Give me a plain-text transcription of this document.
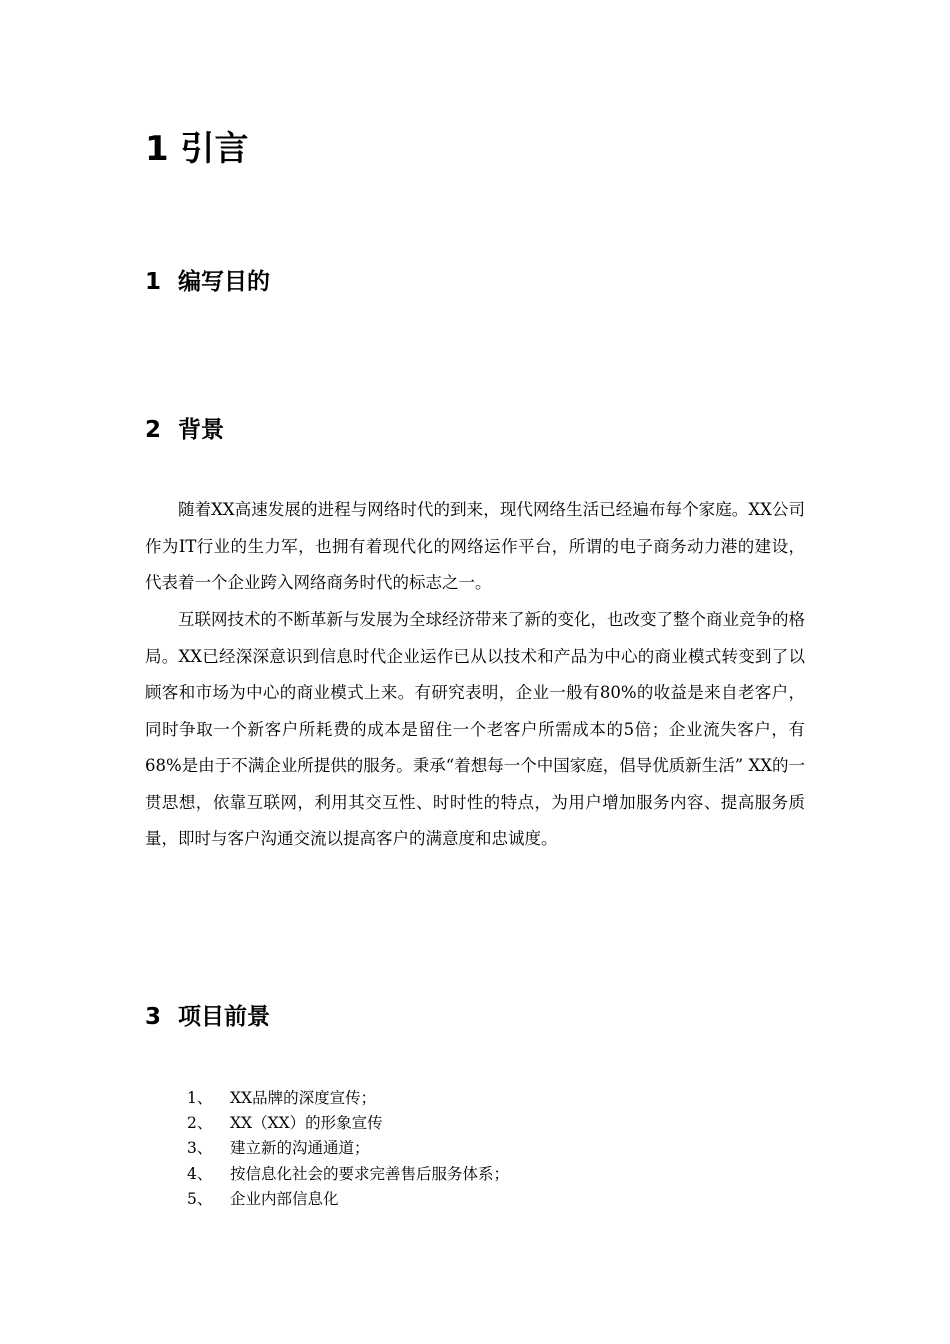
1 引言
1 编写目的
2 背景

随着XX高速发展的进程与网络时代的到来，现代网络生活已经遍布每个家庭。XX公司作为IT行业的生力军，也拥有着现代化的网络运作平台，所谓的电子商务动力港的建设，代表着一个企业跨入网络商务时代的标志之一。

互联网技术的不断革新与发展为全球经济带来了新的变化，也改变了整个商业竞争的格局。XX已经深深意识到信息时代企业运作已从以技术和产品为中心的商业模式转变到了以顾客和市场为中心的商业模式上来。有研究表明，企业一般有80%的收益是来自老客户，同时争取一个新客户所耗费的成本是留住一个老客户所需成本的5倍；企业流失客户，有68%是由于不满企业所提供的服务。秉承“着想每一个中国家庭，倡导优质新生活” XX的一贯思想，依靠互联网，利用其交互性、时时性的特点，为用户增加服务内容、提高服务质量，即时与客户沟通交流以提高客户的满意度和忠诚度。

3 项目前景
1、 XX品牌的深度宣传；
2、 XX（XX）的形象宣传
3、 建立新的沟通通道；
4、 按信息化社会的要求完善售后服务体系；
5、 企业内部信息化
